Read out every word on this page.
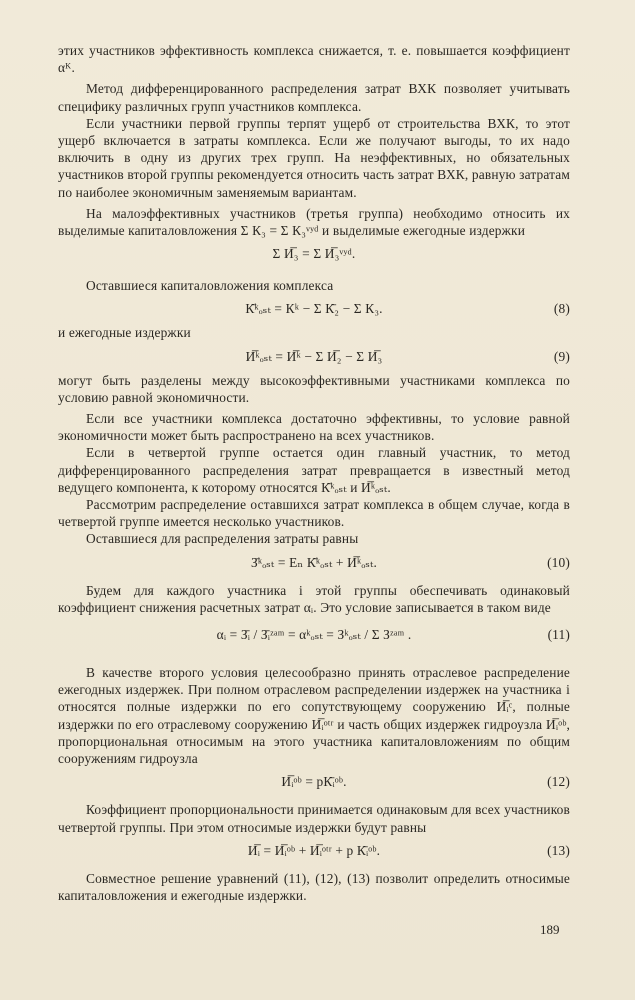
этих участников эффективность комплекса снижается, т. е. повышается коэффициент αᴷ.

Метод дифференцированного распределения затрат ВХК позволяет учитывать специфику различных групп участников комплекса.

Если участники первой группы терпят ущерб от строительства ВХК, то этот ущерб включается в затраты комплекса. Если же получают выгоды, то их надо включить в одну из других трех групп. На неэффективных, но обязательных участников второй группы рекомендуется относить часть затрат ВХК, равную затратам по наиболее экономичным заменяемым вариантам.

На малоэффективных участников (третья группа) необходимо относить их выделимые капиталовложения Σ К₃ = Σ К₃ᵛʸᵈ и выделимые ежегодные издержки

Σ И̅₃ = Σ И̅₃ᵛʸᵈ.

Оставшиеся капиталовложения комплекса

К̄ᵏₒₛₜ = Кᵏ − Σ К̄₂ − Σ К₃.	(8)

и ежегодные издержки

И̅ᵏₒₛₜ = И̅ᵏ − Σ И̅₂ − Σ И̅₃	(9)

могут быть разделены между высокоэффективными участниками комплекса по условию равной экономичности.

Если все участники комплекса достаточно эффективны, то условие равной экономичности может быть распространено на всех участников.

Если в четвертой группе остается один главный участник, то метод дифференцированного распределения затрат превращается в известный метод ведущего компонента, к которому относятся К̄ᵏₒₛₜ и И̅ᵏₒₛₜ.

Рассмотрим распределение оставшихся затрат комплекса в общем случае, когда в четвертой группе имеется несколько участников.

Оставшиеся для распределения затраты равны

З̄ᵏₒₛₜ = Eₙ К̄ᵏₒₛₜ + И̅ᵏₒₛₜ.	(10)

Будем для каждого участника i этой группы обеспечивать одинаковый коэффициент снижения расчетных затрат αᵢ. Это условие записывается в таком виде

αᵢ = З̄ᵢ / З̄ᵢᶻᵃᵐ = αᵏₒₛₜ = Зᵏₒₛₜ / Σ Зᶻᵃᵐ .	(11)

В качестве второго условия целесообразно принять отраслевое распределение ежегодных издержек. При полном отраслевом распределении издержек на участника i относятся полные издержки по его сопутствующему сооружению И̅ᵢᶜ, полные издержки по его отраслевому сооружению И̅ᵢᵒᵗʳ и часть общих издержек гидроузла И̅ᵢᵒᵇ, пропорциональная относимым на этого участника капиталовложениям по общим сооружениям гидроузла

И̅ᵢᵒᵇ = pК̄ᵢᵒᵇ.	(12)

Коэффициент пропорциональности принимается одинаковым для всех участников четвертой группы. При этом относимые издержки будут равны

И̅ᵢ = И̅ᵢᵒᵇ + И̅ᵢᵒᵗʳ + p К̄ᵢᵒᵇ.	(13)

Совместное решение уравнений (11), (12), (13) позволит определить относимые капиталовложения и ежегодные издержки.

189
